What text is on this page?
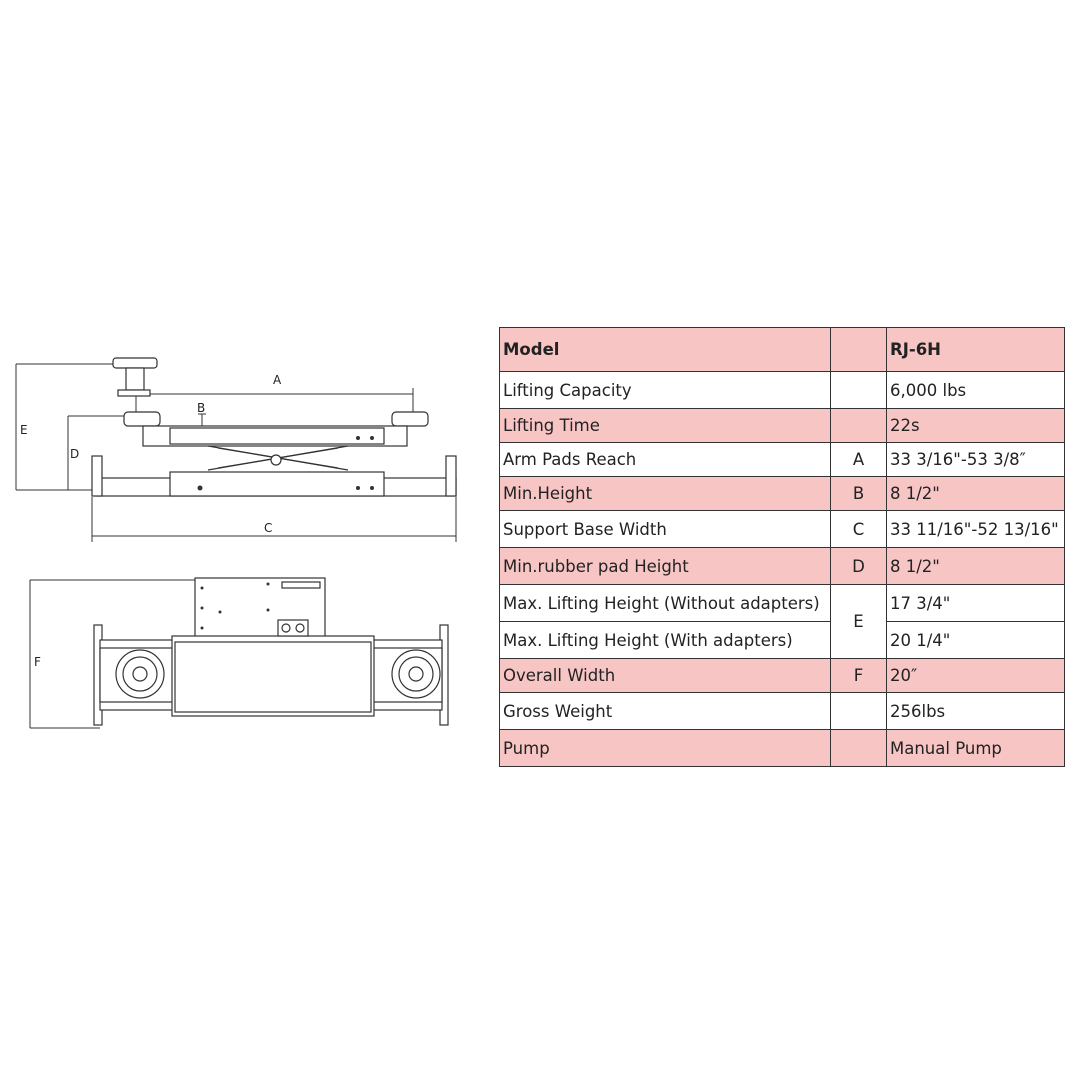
E
D
A
B
C
F
Model		RJ-6H
Lifting Capacity		6,000 lbs
Lifting Time		22s
Arm Pads Reach	A	33 3/16"-53 3/8″
Min.Height	B	8 1/2"
Support Base Width	C	33 11/16"-52 13/16"
Min.rubber pad Height	D	8 1/2"
Max. Lifting Height (Without adapters)	E	17 3/4"
Max. Lifting Height (With adapters)		20 1/4"
Overall Width	F	20″
Gross Weight		256lbs
Pump		Manual Pump
